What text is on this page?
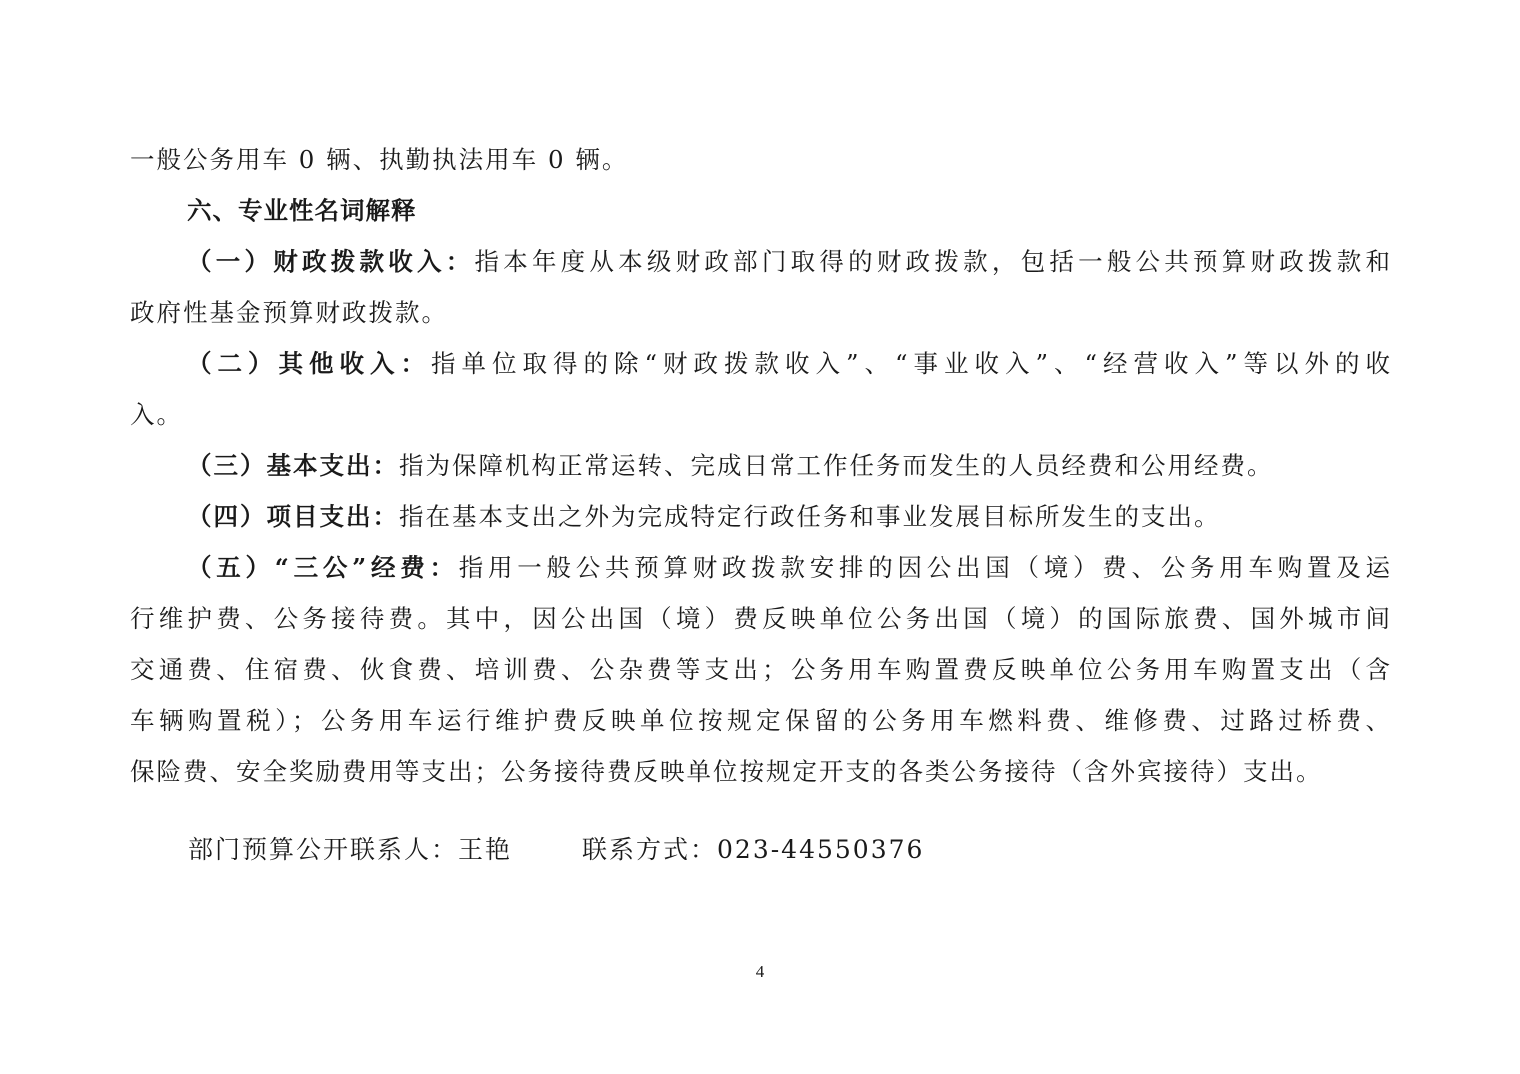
一般公务用车 0 辆、执勤执法用车 0 辆。
六、专业性名词解释
（一）财政拨款收入：指本年度从本级财政部门取得的财政拨款，包括一般公共预算财政拨款和
政府性基金预算财政拨款。
（二）其他收入：指单位取得的除“财政拨款收入”、“事业收入”、“经营收入”等以外的收
入。
（三）基本支出：指为保障机构正常运转、完成日常工作任务而发生的人员经费和公用经费。
（四）项目支出：指在基本支出之外为完成特定行政任务和事业发展目标所发生的支出。
（五）“三公”经费：指用一般公共预算财政拨款安排的因公出国（境）费、公务用车购置及运
行维护费、公务接待费。其中，因公出国（境）费反映单位公务出国（境）的国际旅费、国外城市间
交通费、住宿费、伙食费、培训费、公杂费等支出；公务用车购置费反映单位公务用车购置支出（含
车辆购置税）；公务用车运行维护费反映单位按规定保留的公务用车燃料费、维修费、过路过桥费、
保险费、安全奖励费用等支出；公务接待费反映单位按规定开支的各类公务接待（含外宾接待）支出。
部门预算公开联系人：王艳	联系方式：023-44550376
4
